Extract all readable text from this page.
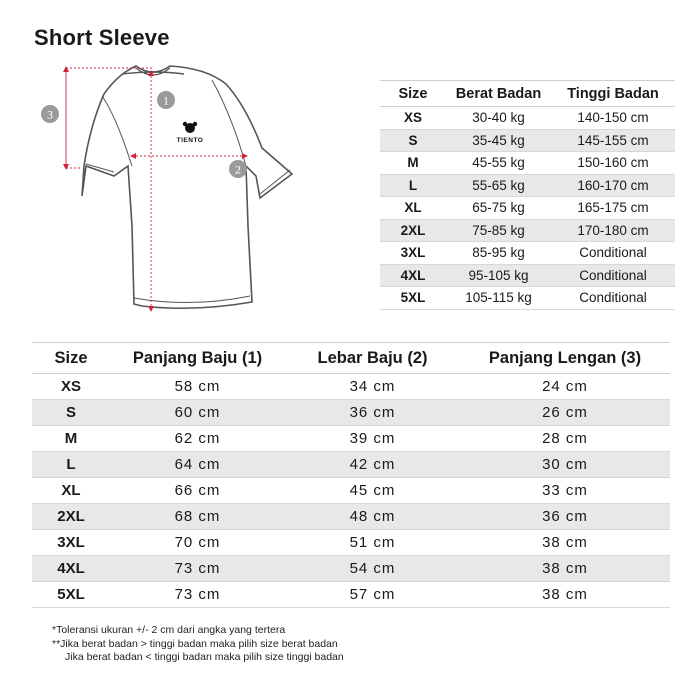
Short Sleeve
TIENTO
1
2
3
Size	Berat Badan	Tinggi Badan
XS	30-40 kg	140-150 cm
S	35-45 kg	145-155 cm
M	45-55 kg	150-160 cm
L	55-65 kg	160-170 cm
XL	65-75 kg	165-175 cm
2XL	75-85 kg	170-180 cm
3XL	85-95 kg	Conditional
4XL	95-105 kg	Conditional
5XL	105-115 kg	Conditional
Size	Panjang Baju (1)	Lebar Baju (2)	Panjang Lengan (3)
XS	58 cm	34 cm	24 cm
S	60 cm	36 cm	26 cm
M	62 cm	39 cm	28 cm
L	64 cm	42 cm	30 cm
XL	66 cm	45 cm	33 cm
2XL	68 cm	48 cm	36 cm
3XL	70 cm	51 cm	38 cm
4XL	73 cm	54 cm	38 cm
5XL	73 cm	57 cm	38 cm
*Toleransi ukuran +/- 2 cm dari angka yang tertera
**Jika berat badan > tinggi badan maka pilih size berat badan
Jika berat badan < tinggi badan maka pilih size tinggi badan
